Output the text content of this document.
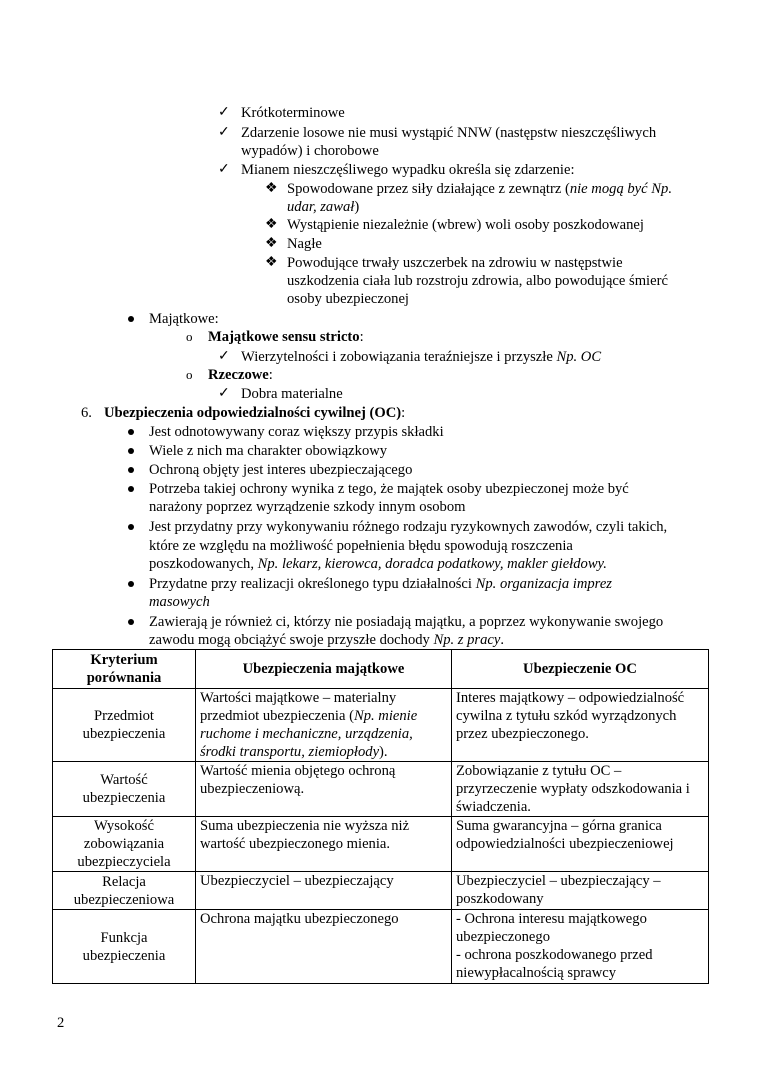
✓ Krótkoterminowe
✓ Zdarzenie losowe nie musi wystąpić NNW (następstw nieszczęśliwych
wypadów) i chorobowe
✓ Mianem nieszczęśliwego wypadku określa się zdarzenie:
❖ Spowodowane przez siły działające z zewnątrz (nie mogą być Np.
udar, zawał)
❖ Wystąpienie niezależnie (wbrew) woli osoby poszkodowanej
❖ Nagłe
❖ Powodujące trwały uszczerbek na zdrowiu w następstwie
uszkodzenia ciała lub rozstroju zdrowia, albo powodujące śmierć
osoby ubezpieczonej
Majątkowe:
o Majątkowe sensu stricto:
✓ Wierzytelności i zobowiązania teraźniejsze i przyszłe Np. OC
o Rzeczowe:
✓ Dobra materialne
6. Ubezpieczenia odpowiedzialności cywilnej (OC):
Jest odnotowywany coraz większy przypis składki
Wiele z nich ma charakter obowiązkowy
Ochroną objęty jest interes ubezpieczającego
Potrzeba takiej ochrony wynika z tego, że majątek osoby ubezpieczonej może być
narażony poprzez wyrządzenie szkody innym osobom
Jest przydatny przy wykonywaniu różnego rodzaju ryzykownych zawodów, czyli takich,
które ze względu na możliwość popełnienia błędu spowodują roszczenia
poszkodowanych, Np. lekarz, kierowca, doradca podatkowy, makler giełdowy.
Przydatne przy realizacji określonego typu działalności Np. organizacja imprez
masowych
Zawierają je również ci, którzy nie posiadają majątku, a poprzez wykonywanie swojego
zawodu mogą obciążyć swoje przyszłe dochody Np. z pracy.
Kryterium
porównania	Ubezpieczenia majątkowe	Ubezpieczenie OC
Przedmiot
ubezpieczenia	Wartości majątkowe – materialny przedmiot ubezpieczenia (Np. mienie ruchome i mechaniczne, urządzenia, środki transportu, ziemiopłody).	Interes majątkowy – odpowiedzialność cywilna z tytułu szkód wyrządzonych przez ubezpieczonego.
Wartość
ubezpieczenia	Wartość mienia objętego ochroną ubezpieczeniową.	Zobowiązanie z tytułu OC – przyrzeczenie wypłaty odszkodowania i świadczenia.
Wysokość
zobowiązania
ubezpieczyciela	Suma ubezpieczenia nie wyższa niż wartość ubezpieczonego mienia.	Suma gwarancyjna – górna granica odpowiedzialności ubezpieczeniowej
Relacja
ubezpieczeniowa	Ubezpieczyciel – ubezpieczający	Ubezpieczyciel – ubezpieczający – poszkodowany
Funkcja
ubezpieczenia	Ochrona majątku ubezpieczonego	- Ochrona interesu majątkowego ubezpieczonego
- ochrona poszkodowanego przed niewypłacalnością sprawcy
2
